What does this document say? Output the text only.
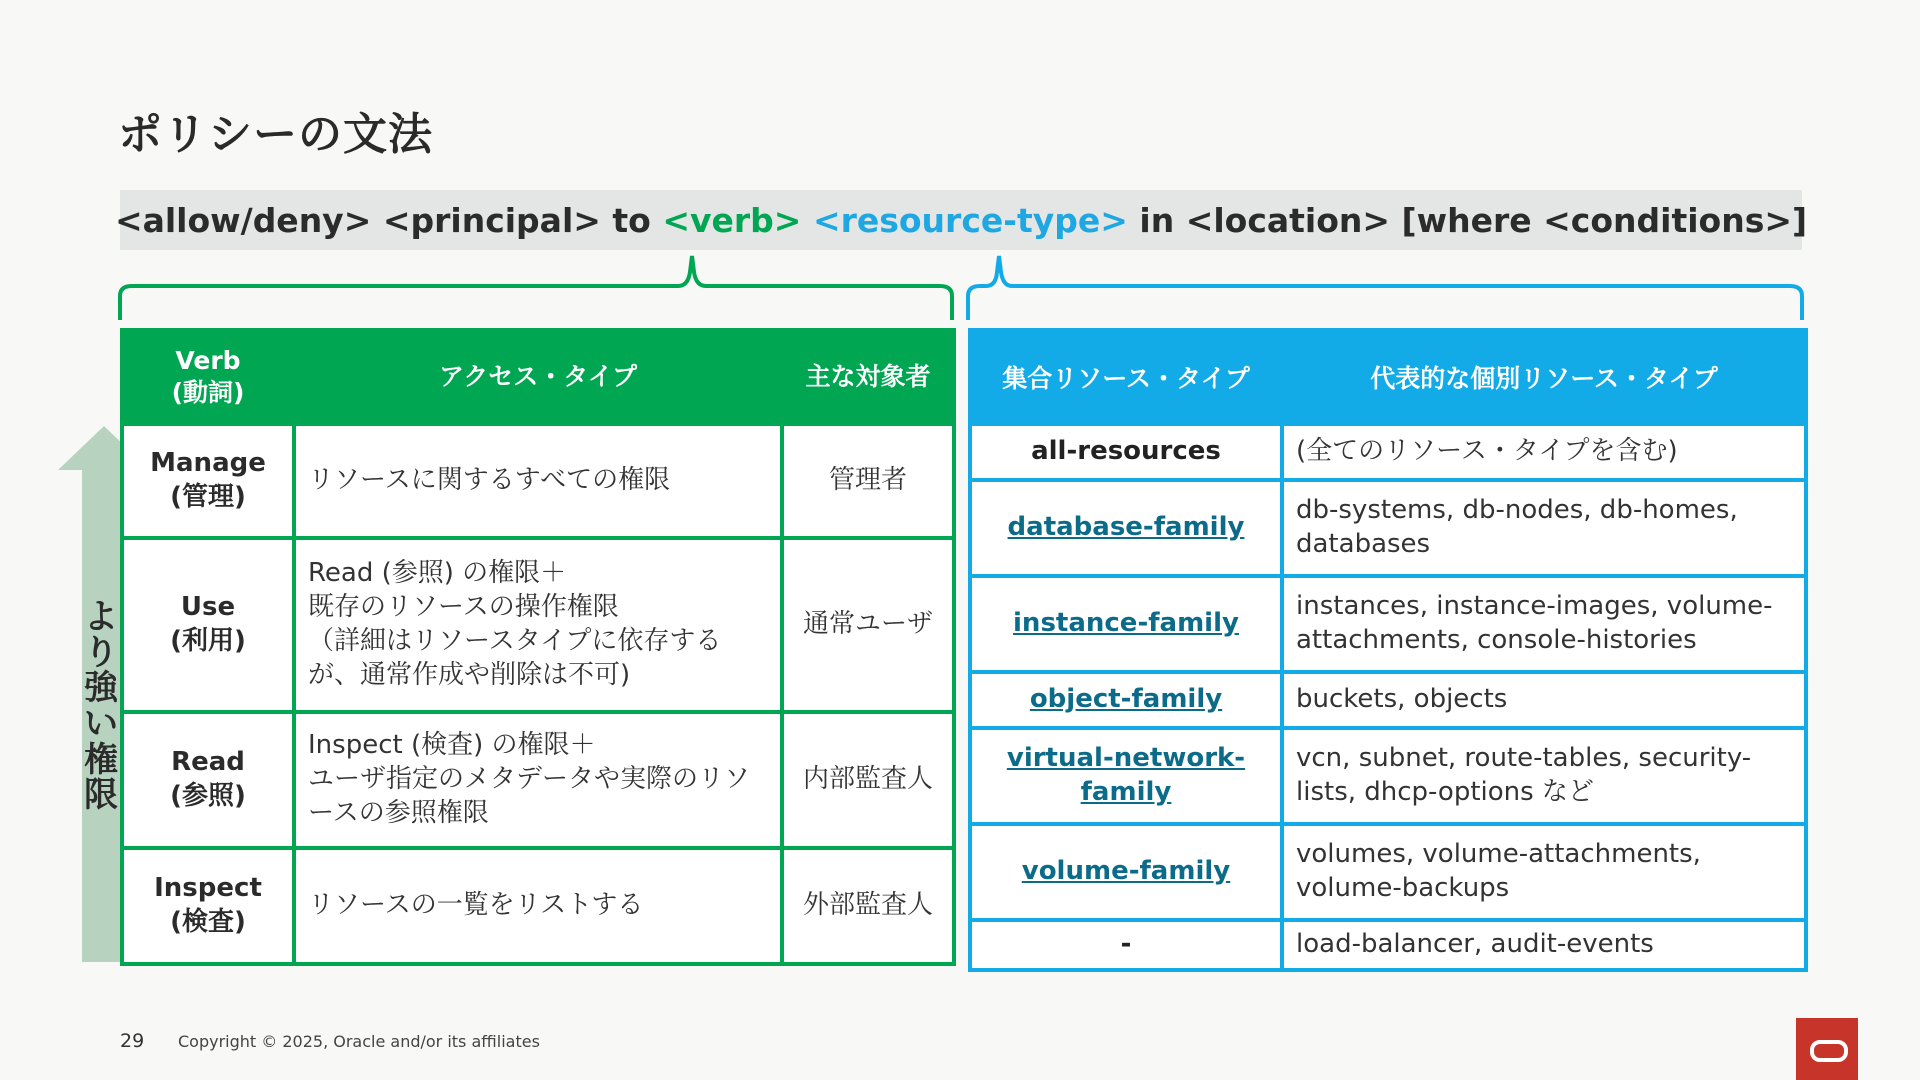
ポリシーの文法
<allow/deny> <principal> to <verb>
<resource-type> in <location> [where <conditions>]
より強い権限
Verb
(動詞)	アクセス・タイプ	主な対象者
Manage
(管理)	リソースに関するすべての権限	管理者
Use
(利用)	Read (参照) の権限＋
既存のリソースの操作権限
（詳細はリソースタイプに依存するが、通常作成や削除は不可)	通常ユーザ
Read
(参照)	Inspect (検査) の権限＋
ユーザ指定のメタデータや実際のリソースの参照権限	内部監査人
Inspect
(検査)	リソースの一覧をリストする	外部監査人
集合リソース・タイプ	代表的な個別リソース・タイプ
all-resources	(全てのリソース・タイプを含む)
database-family	db-systems, db-nodes, db-homes, databases
instance-family	instances, instance-images, volume-attachments, console-histories
object-family	buckets, objects
virtual-network-family	vcn, subnet, route-tables, security-lists, dhcp-options など
volume-family	volumes, volume-attachments, volume-backups
-	load-balancer, audit-events
29 Copyright © 2025, Oracle and/or its affiliates
